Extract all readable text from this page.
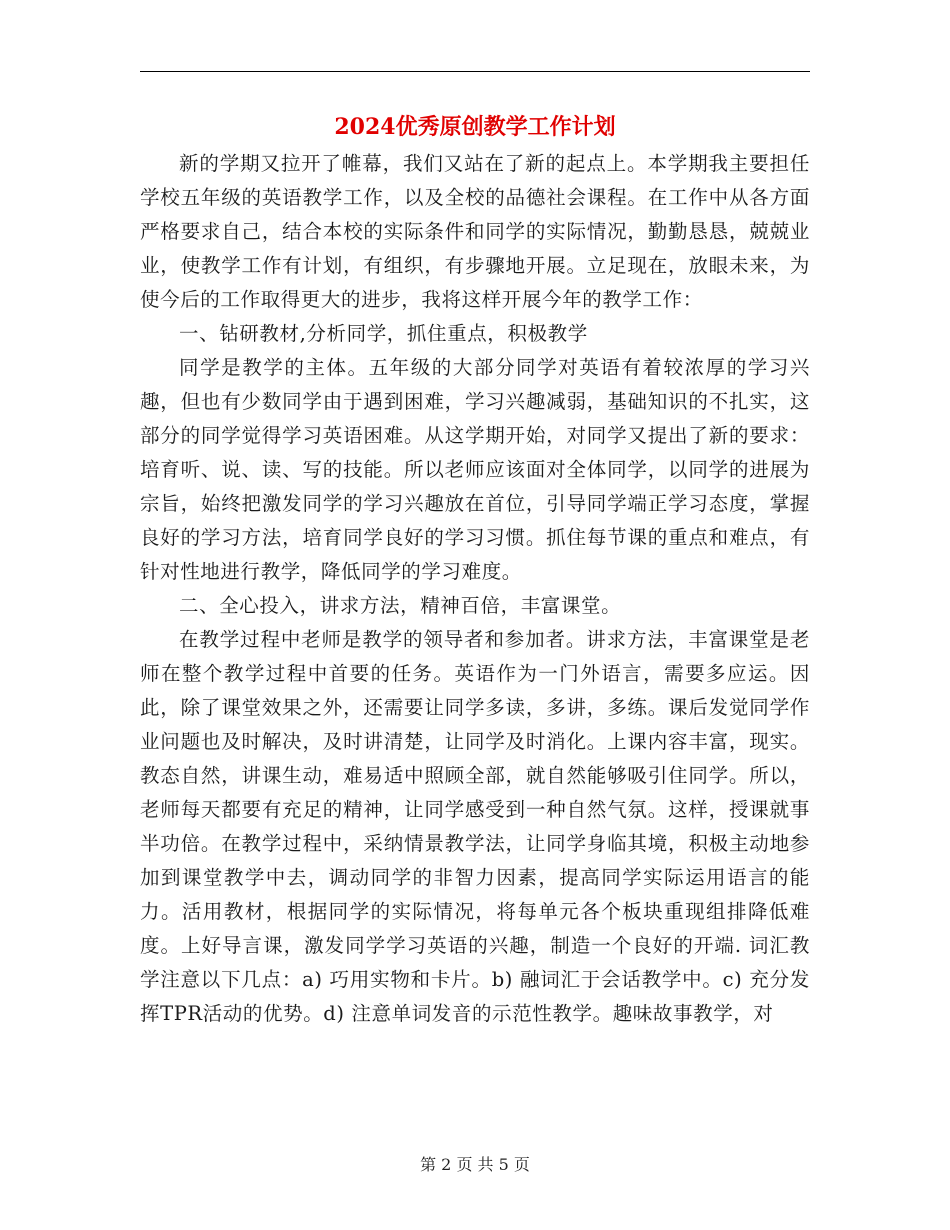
2024优秀原创教学工作计划

新的学期又拉开了帷幕，我们又站在了新的起点上。本学期我主要担任学校五年级的英语教学工作，以及全校的品德社会课程。在工作中从各方面严格要求自己，结合本校的实际条件和同学的实际情况，勤勤恳恳，兢兢业业，使教学工作有计划，有组织，有步骤地开展。立足现在，放眼未来，为使今后的工作取得更大的进步，我将这样开展今年的教学工作：

一、钻研教材,分析同学，抓住重点，积极教学

同学是教学的主体。五年级的大部分同学对英语有着较浓厚的学习兴趣，但也有少数同学由于遇到困难，学习兴趣减弱，基础知识的不扎实，这部分的同学觉得学习英语困难。从这学期开始，对同学又提出了新的要求：培育听、说、读、写的技能。所以老师应该面对全体同学，以同学的进展为宗旨，始终把激发同学的学习兴趣放在首位，引导同学端正学习态度，掌握良好的学习方法，培育同学良好的学习习惯。抓住每节课的重点和难点，有针对性地进行教学，降低同学的学习难度。

二、全心投入，讲求方法，精神百倍，丰富课堂。

在教学过程中老师是教学的领导者和参加者。讲求方法，丰富课堂是老师在整个教学过程中首要的任务。英语作为一门外语言，需要多应运。因此，除了课堂效果之外，还需要让同学多读，多讲，多练。课后发觉同学作业问题也及时解决，及时讲清楚，让同学及时消化。上课内容丰富，现实。教态自然，讲课生动，难易适中照顾全部，就自然能够吸引住同学。所以，老师每天都要有充足的精神，让同学感受到一种自然气氛。这样，授课就事半功倍。在教学过程中，采纳情景教学法，让同学身临其境，积极主动地参加到课堂教学中去，调动同学的非智力因素，提高同学实际运用语言的能力。活用教材，根据同学的实际情况，将每单元各个板块重现组排降低难度。上好导言课，激发同学学习英语的兴趣，制造一个良好的开端. 词汇教学注意以下几点：a) 巧用实物和卡片。b) 融词汇于会话教学中。c) 充分发挥TPR活动的优势。d) 注意单词发音的示范性教学。趣味故事教学，对

第 2 页 共 5 页
